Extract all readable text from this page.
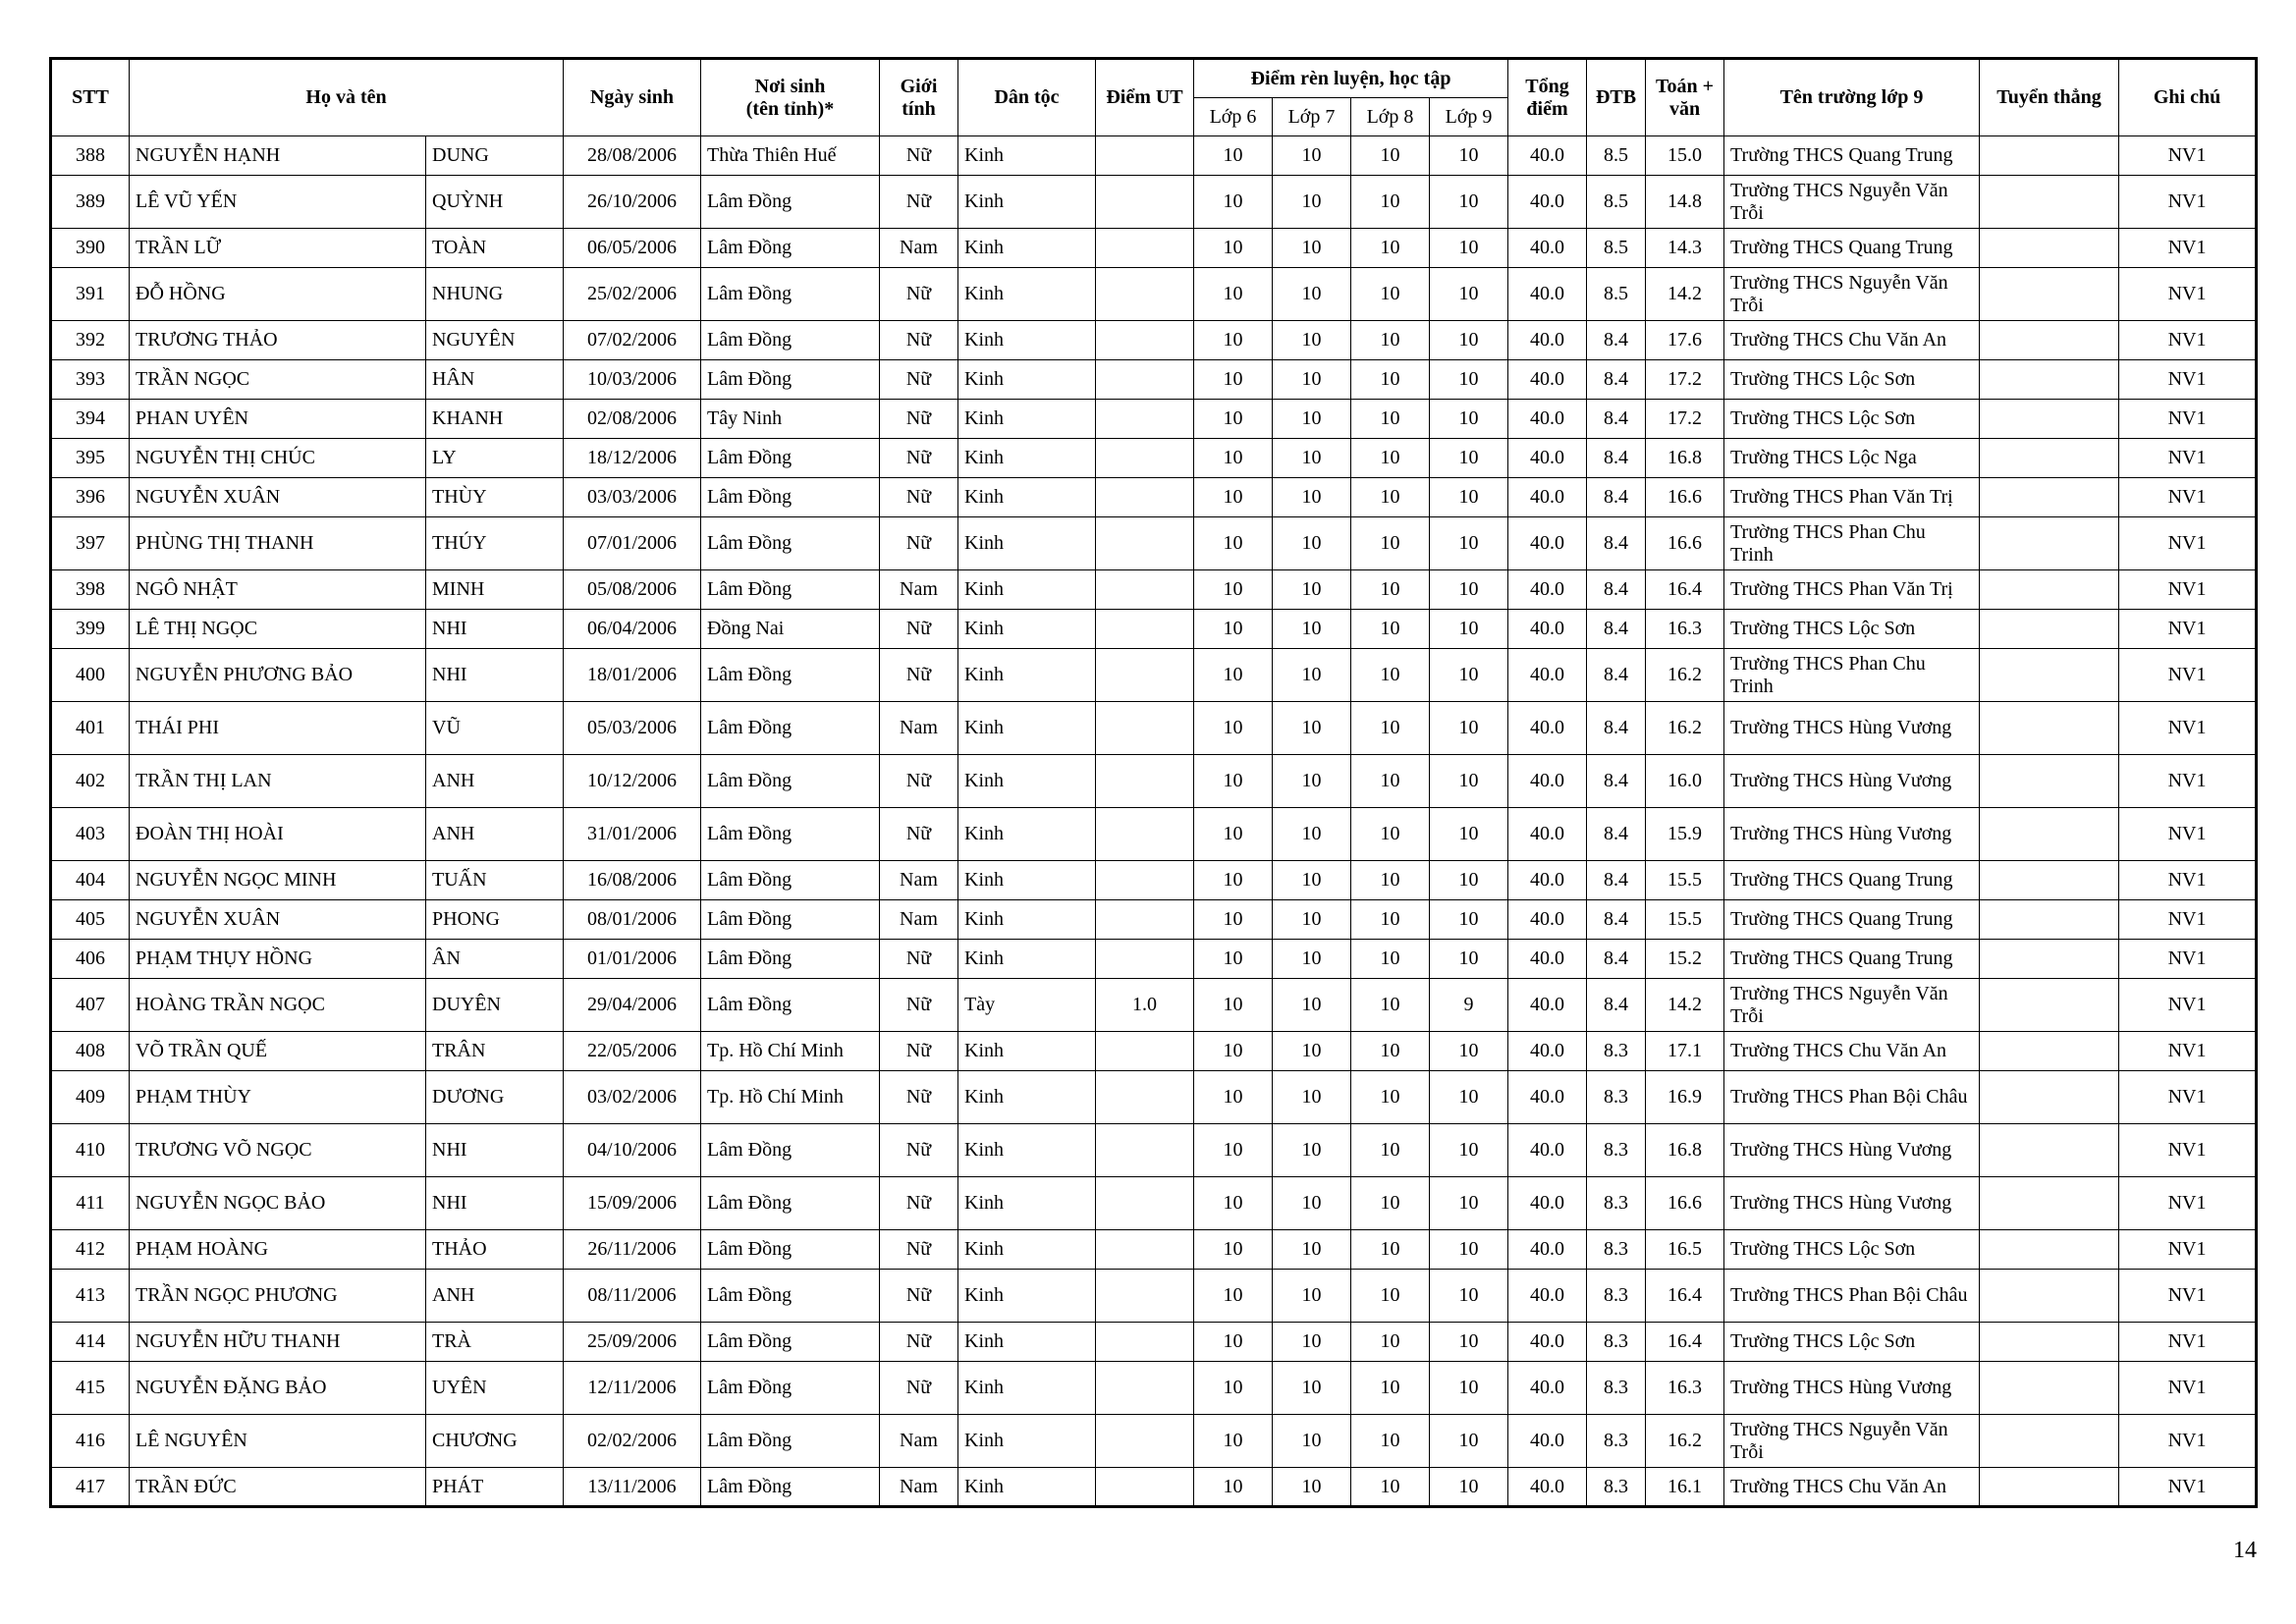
STT	Họ và tên		Ngày sinh	Nơi sinh
(tên tỉnh)*	Giới
tính	Dân tộc	Điểm UT	Điểm rèn luyện, học tập				Tổng
điểm	ĐTB	Toán +
văn	Tên trường lớp 9	Tuyển thẳng	Ghi chú
								Lớp 6	Lớp 7	Lớp 8	Lớp 9						
388	NGUYỄN HẠNH	DUNG	28/08/2006	Thừa Thiên Huế	Nữ	Kinh		10	10	10	10	40.0	8.5	15.0	Trường THCS Quang Trung		NV1
389	LÊ VŨ YẾN	QUỲNH	26/10/2006	Lâm Đồng	Nữ	Kinh		10	10	10	10	40.0	8.5	14.8	Trường THCS Nguyễn Văn Trỗi		NV1
390	TRẦN LỮ	TOÀN	06/05/2006	Lâm Đồng	Nam	Kinh		10	10	10	10	40.0	8.5	14.3	Trường THCS Quang Trung		NV1
391	ĐỖ HỒNG	NHUNG	25/02/2006	Lâm Đồng	Nữ	Kinh		10	10	10	10	40.0	8.5	14.2	Trường THCS Nguyễn Văn Trỗi		NV1
392	TRƯƠNG THẢO	NGUYÊN	07/02/2006	Lâm Đồng	Nữ	Kinh		10	10	10	10	40.0	8.4	17.6	Trường THCS Chu Văn An		NV1
393	TRẦN NGỌC	HÂN	10/03/2006	Lâm Đồng	Nữ	Kinh		10	10	10	10	40.0	8.4	17.2	Trường THCS Lộc Sơn		NV1
394	PHAN UYÊN	KHANH	02/08/2006	Tây Ninh	Nữ	Kinh		10	10	10	10	40.0	8.4	17.2	Trường THCS Lộc Sơn		NV1
395	NGUYỄN THỊ CHÚC	LY	18/12/2006	Lâm Đồng	Nữ	Kinh		10	10	10	10	40.0	8.4	16.8	Trường THCS Lộc Nga		NV1
396	NGUYỄN XUÂN	THÙY	03/03/2006	Lâm Đồng	Nữ	Kinh		10	10	10	10	40.0	8.4	16.6	Trường THCS Phan Văn Trị		NV1
397	PHÙNG THỊ THANH	THÚY	07/01/2006	Lâm Đồng	Nữ	Kinh		10	10	10	10	40.0	8.4	16.6	Trường THCS Phan Chu Trinh		NV1
398	NGÔ NHẬT	MINH	05/08/2006	Lâm Đồng	Nam	Kinh		10	10	10	10	40.0	8.4	16.4	Trường THCS Phan Văn Trị		NV1
399	LÊ THỊ NGỌC	NHI	06/04/2006	Đồng Nai	Nữ	Kinh		10	10	10	10	40.0	8.4	16.3	Trường THCS Lộc Sơn		NV1
400	NGUYỄN PHƯƠNG BẢO	NHI	18/01/2006	Lâm Đồng	Nữ	Kinh		10	10	10	10	40.0	8.4	16.2	Trường THCS Phan Chu Trinh		NV1
401	THÁI PHI	VŨ	05/03/2006	Lâm Đồng	Nam	Kinh		10	10	10	10	40.0	8.4	16.2	Trường THCS Hùng Vương		NV1
402	TRẦN THỊ LAN	ANH	10/12/2006	Lâm Đồng	Nữ	Kinh		10	10	10	10	40.0	8.4	16.0	Trường THCS Hùng Vương		NV1
403	ĐOÀN THỊ HOÀI	ANH	31/01/2006	Lâm Đồng	Nữ	Kinh		10	10	10	10	40.0	8.4	15.9	Trường THCS Hùng Vương		NV1
404	NGUYỄN NGỌC MINH	TUẤN	16/08/2006	Lâm Đồng	Nam	Kinh		10	10	10	10	40.0	8.4	15.5	Trường THCS Quang Trung		NV1
405	NGUYỄN XUÂN	PHONG	08/01/2006	Lâm Đồng	Nam	Kinh		10	10	10	10	40.0	8.4	15.5	Trường THCS Quang Trung		NV1
406	PHẠM THỤY HỒNG	ÂN	01/01/2006	Lâm Đồng	Nữ	Kinh		10	10	10	10	40.0	8.4	15.2	Trường THCS Quang Trung		NV1
407	HOÀNG TRẦN NGỌC	DUYÊN	29/04/2006	Lâm Đồng	Nữ	Tày	1.0	10	10	10	9	40.0	8.4	14.2	Trường THCS Nguyễn Văn Trỗi		NV1
408	VÕ TRẦN QUẾ	TRÂN	22/05/2006	Tp. Hồ Chí Minh	Nữ	Kinh		10	10	10	10	40.0	8.3	17.1	Trường THCS Chu Văn An		NV1
409	PHẠM THÙY	DƯƠNG	03/02/2006	Tp. Hồ Chí Minh	Nữ	Kinh		10	10	10	10	40.0	8.3	16.9	Trường THCS Phan Bội Châu		NV1
410	TRƯƠNG VÕ NGỌC	NHI	04/10/2006	Lâm Đồng	Nữ	Kinh		10	10	10	10	40.0	8.3	16.8	Trường THCS Hùng Vương		NV1
411	NGUYỄN NGỌC BẢO	NHI	15/09/2006	Lâm Đồng	Nữ	Kinh		10	10	10	10	40.0	8.3	16.6	Trường THCS Hùng Vương		NV1
412	PHẠM HOÀNG	THẢO	26/11/2006	Lâm Đồng	Nữ	Kinh		10	10	10	10	40.0	8.3	16.5	Trường THCS Lộc Sơn		NV1
413	TRẦN NGỌC PHƯƠNG	ANH	08/11/2006	Lâm Đồng	Nữ	Kinh		10	10	10	10	40.0	8.3	16.4	Trường THCS Phan Bội Châu		NV1
414	NGUYỄN HỮU THANH	TRÀ	25/09/2006	Lâm Đồng	Nữ	Kinh		10	10	10	10	40.0	8.3	16.4	Trường THCS Lộc Sơn		NV1
415	NGUYỄN ĐẶNG BẢO	UYÊN	12/11/2006	Lâm Đồng	Nữ	Kinh		10	10	10	10	40.0	8.3	16.3	Trường THCS Hùng Vương		NV1
416	LÊ NGUYÊN	CHƯƠNG	02/02/2006	Lâm Đồng	Nam	Kinh		10	10	10	10	40.0	8.3	16.2	Trường THCS Nguyễn Văn Trỗi		NV1
417	TRẦN ĐỨC	PHÁT	13/11/2006	Lâm Đồng	Nam	Kinh		10	10	10	10	40.0	8.3	16.1	Trường THCS Chu Văn An		NV1
14
